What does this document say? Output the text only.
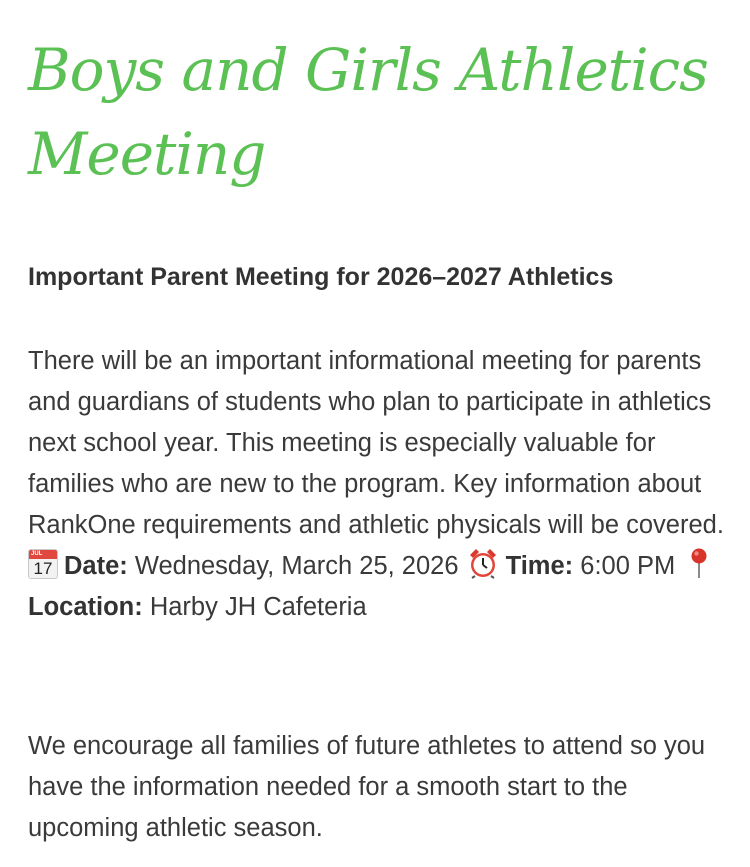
Boys and Girls Athletics
Meeting
Important Parent Meeting for 2026–2027 Athletics
There will be an important informational meeting for parents and guardians of students who plan to participate in athletics next school year. This meeting is especially valuable for families who are new to the program. Key information about RankOne requirements and athletic physicals will be covered.

JUL
17 Date: Wednesday, March 25, 2026 Time: 6:00 PM Location: Harby JH Cafeteria
We encourage all families of future athletes to attend so you have the information needed for a smooth start to the upcoming athletic season.
